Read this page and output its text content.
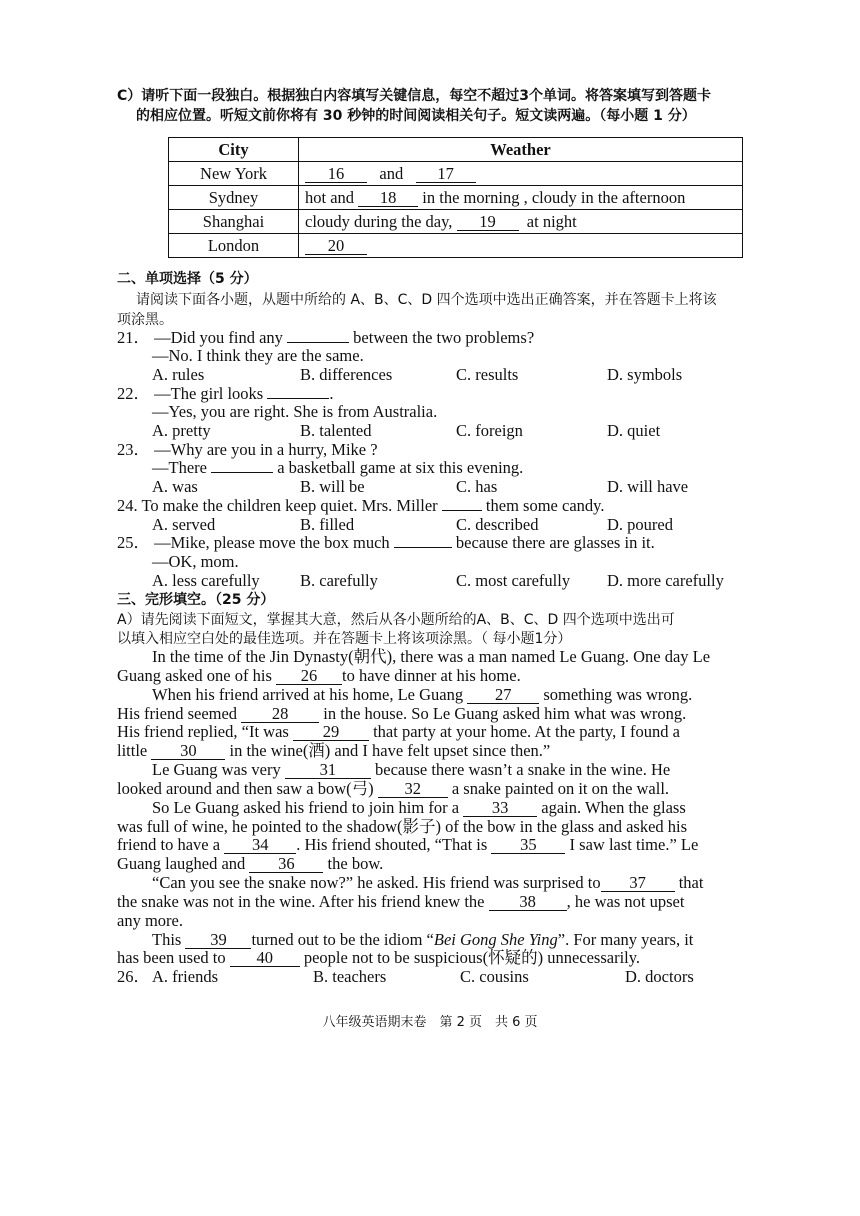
C）请听下面一段独白。根据独白内容填写关键信息，每空不超过3个单词。将答案填写到答题卡
的相应位置。听短文前你将有 30 秒钟的时间阅读相关句子。短文读两遍。（每小题 1 分）
City	Weather
New York	16 and 17
Sydney	hot and 18 in the morning , cloudy in the afternoon
Shanghai	cloudy during the day, 19 at night
London	20
二、单项选择（5 分）
请阅读下面各小题，从题中所给的 A、B、C、D 四个选项中选出正确答案，并在答题卡上将该
项涂黑。
21． —Did you find any	between the two problems?
—No. I think they are the same.
A. rules	B. differences	C. results	D. symbols
22． —The girl looks	.
—Yes, you are right. She is from Australia.
A. pretty	B. talented	C. foreign	D. quiet
23． —Why are you in a hurry, Mike ?
—There	a basketball game at six this evening.
A. was	B. will be	C. has	D. will have
24. To make the children keep quiet. Mrs. Miller	them some candy.
A. served	B. filled	C. described	D. poured
25． —Mike, please move the box much	because there are glasses in it.
—OK, mom.
A. less carefully B. carefully	C. most carefully D. more carefully
三、完形填空。（25 分）
A）请先阅读下面短文，掌握其大意，然后从各小题所给的A、B、C、D 四个选项中选出可
以填入相应空白处的最佳选项。并在答题卡上将该项涂黑。（ 每小题1分）
In the time of the Jin Dynasty(朝代), there was a man named Le Guang. One day Le
Guang asked one of his 26 to have dinner at his home.
When his friend arrived at his home, Le Guang 27 something was wrong.
His friend seemed 28 in the house. So Le Guang asked him what was wrong.
His friend replied, “It was 29 that party at your home. At the party, I found a
little 30 in the wine(酒) and I have felt upset since then.”
Le Guang was very 31 because there wasn’t a snake in the wine. He
looked around and then saw a bow(弓) 32 a snake painted on it on the wall.
So Le Guang asked his friend to join him for a 33 again. When the glass
was full of wine, he pointed to the shadow(影子) of the bow in the glass and asked his
friend to have a 34 . His friend shouted, “That is 35 I saw last time.” Le
Guang laughed and 36 the bow.
“Can you see the snake now?” he asked. His friend was surprised to 37 that
the snake was not in the wine. After his friend knew the 38 , he was not upset
any more.
This 39 turned out to be the idiom “Bei Gong She Ying”. For many years, it
has been used to 40 people not to be suspicious(怀疑的) unnecessarily.
26． A. friends	B. teachers	C. cousins	D. doctors
八年级英语期末卷　第 2 页　共 6 页
